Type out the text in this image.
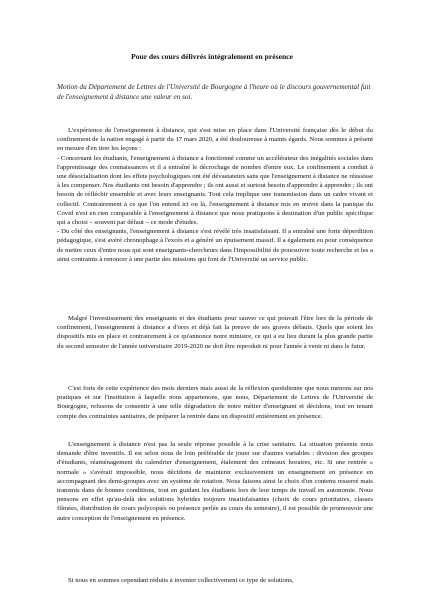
Pour des cours délivrés intégralement en présence
Motion du Département de Lettres de l'Université de Bourgogne à l'heure où le discours gouvernemental fait de l'enseignement à distance une valeur en soi.

L'expérience de l'enseignement à distance, qui s'est mise en place dans l'Université française dès le début du confinement de la nation engagé à partir du 17 mars 2020, a été douloureuse à maints égards. Nous sommes à présent en mesure d'en tirer les leçons :

- Concernant les étudiants, l'enseignement à distance a fonctionné comme un accélérateur des inégalités sociales dans l'apprentissage des connaissances et il a entraîné le décrochage de nombre d'entre eux. Le confinement a conduit à une désocialisation dont les effets psychologiques ont été dévastateurs sans que l'enseignement à distance ne réussisse à les compenser. Nos étudiants ont besoin d'apprendre ; ils ont aussi et surtout besoin d'apprendre à apprendre ; ils ont besoin de réfléchir ensemble et avec leurs enseignants. Tout cela implique une transmission dans un cadre vivant et collectif. Contrairement à ce que l'on entend ici ou là, l'enseignement à distance mis en œuvre dans la panique du Covid n'est en rien comparable à l'enseignement à distance que nous pratiquons à destination d'un public spécifique qui a choisi – souvent par défaut – ce mode d'études.

- Du côté des enseignants, l'enseignement à distance s'est révélé très insatisfaisant. Il a entraîné une forte déperdition pédagogique, s'est avéré chronophage à l'excès et a généré un épuisement massif. Il a également eu pour conséquence de mettre ceux d'entre nous qui sont enseignants-chercheurs dans l'impossibilité de poursuivre toute recherche et les a ainsi contraints à renoncer à une partie des missions qui font de l'Université un service public.

Malgré l'investissement des enseignants et des étudiants pour sauver ce qui pouvait l'être lors de la période de confinement, l'enseignement à distance a d'ores et déjà fait la preuve de ses graves défauts. Quels que soient les dispositifs mis en place et contrairement à ce qu'annonce notre ministre, ce qui a eu lieu durant la plus grande partie du second semestre de l'année universitaire 2019-2020 ne doit être reproduit ni pour l'année à venir ni dans le futur.

C'est forts de cette expérience des mois derniers mais aussi de la réflexion quotidienne que nous menons sur nos pratiques et sur l'institution à laquelle nous appartenons, que nous, Département de Lettres de l'Université de Bourgogne, refusons de consentir à une telle dégradation de notre métier d'enseignant et décidons, tout en tenant compte des contraintes sanitaires, de préparer la rentrée dans un dispositif entièrement en présence.

L'enseignement à distance n'est pas la seule réponse possible à la crise sanitaire. La situation présente nous demande d'être inventifs. Il est selon nous de loin préférable de jouer sur d'autres variables : division des groupes d'étudiants, réaménagement du calendrier d'enseignement, étalement des créneaux horaires, etc. Si une rentrée « normale » s'avérait impossible, nous décidons de maintenir exclusivement un enseignement en présence en accompagnant des demi-groupes avec un système de rotation. Nous faisons ainsi le choix d'un contenu resserré mais transmis dans de bonnes conditions, tout en guidant les étudiants lors de leur temps de travail en autonomie. Nous pensons en effet qu'au-delà des solutions hybrides toujours insatisfaisantes (choix de cours prioritaires, classes filmées, distribution de cours polycopiés ou présence perlée au cours du semestre), il est possible de promouvoir une autre conception de l'enseignement en présence.

Si nous en sommes cependant réduits à inventer collectivement ce type de solutions,
